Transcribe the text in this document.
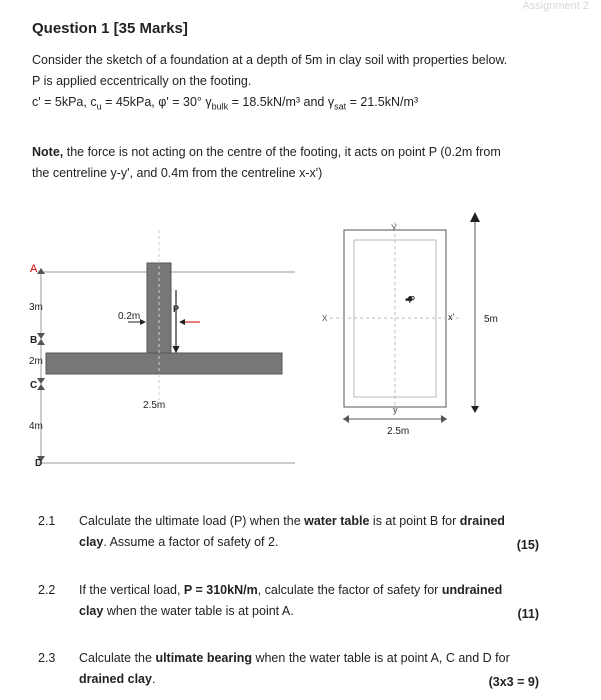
Assignment 2
Question 1 [35 Marks]
Consider the sketch of a foundation at a depth of 5m in clay soil with properties below.
P is applied eccentrically on the footing.
c' = 5kPa, $c_u = 45kPa$, φ' = 30° $\gamma_{bulk} = 18.5kN/m^3$ and $\gamma_{sat} = 21.5kN/m^3$
Note, the force is not acting on the centre of the footing, it acts on point P (0.2m from
the centreline y-y', and 0.4m from the centreline x-x')
A
B
C
D
3m
2m
4m
0.2m
P
2.5m
Y
X	x'
y
•P
5m
2.5m
2.1 Calculate the ultimate load (P) when the water table is at point B for drained
clay. Assume a factor of safety of 2.	(15)
2.2 If the vertical load, P = 310kN/m, calculate the factor of safety for undrained
clay when the water table is at point A.	(11)
2.3 Calculate the ultimate bearing when the water table is at point A, C and D for
drained clay.	(3x3 = 9)
